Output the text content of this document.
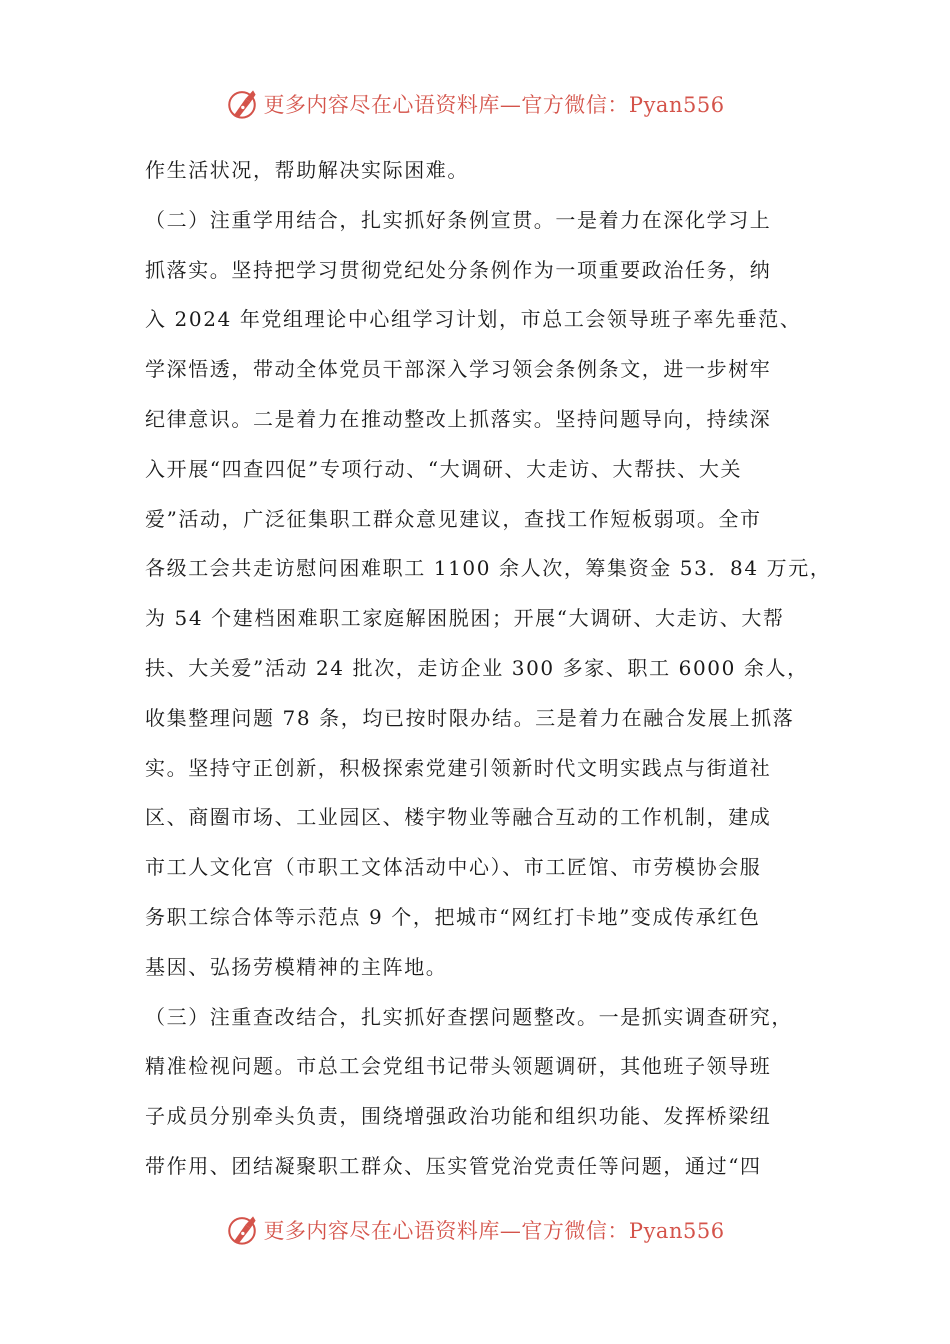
更多内容尽在心语资料库—官方微信：Pyan556
作生活状况，帮助解决实际困难。
（二）注重学用结合，扎实抓好条例宣贯。一是着力在深化学习上
抓落实。坚持把学习贯彻党纪处分条例作为一项重要政治任务，纳
入 2024 年党组理论中心组学习计划，市总工会领导班子率先垂范、
学深悟透，带动全体党员干部深入学习领会条例条文，进一步树牢
纪律意识。二是着力在推动整改上抓落实。坚持问题导向，持续深
入开展“四查四促”专项行动、“大调研、大走访、大帮扶、大关
爱”活动，广泛征集职工群众意见建议，查找工作短板弱项。全市
各级工会共走访慰问困难职工 1100 余人次，筹集资金 53．84 万元，
为 54 个建档困难职工家庭解困脱困；开展“大调研、大走访、大帮
扶、大关爱”活动 24 批次，走访企业 300 多家、职工 6000 余人，
收集整理问题 78 条，均已按时限办结。三是着力在融合发展上抓落
实。坚持守正创新，积极探索党建引领新时代文明实践点与街道社
区、商圈市场、工业园区、楼宇物业等融合互动的工作机制，建成
市工人文化宫（市职工文体活动中心）、市工匠馆、市劳模协会服
务职工综合体等示范点 9 个，把城市“网红打卡地”变成传承红色
基因、弘扬劳模精神的主阵地。
（三）注重查改结合，扎实抓好查摆问题整改。一是抓实调查研究，
精准检视问题。市总工会党组书记带头领题调研，其他班子领导班
子成员分别牵头负责，围绕增强政治功能和组织功能、发挥桥梁纽
带作用、团结凝聚职工群众、压实管党治党责任等问题，通过“四
更多内容尽在心语资料库—官方微信：Pyan556
